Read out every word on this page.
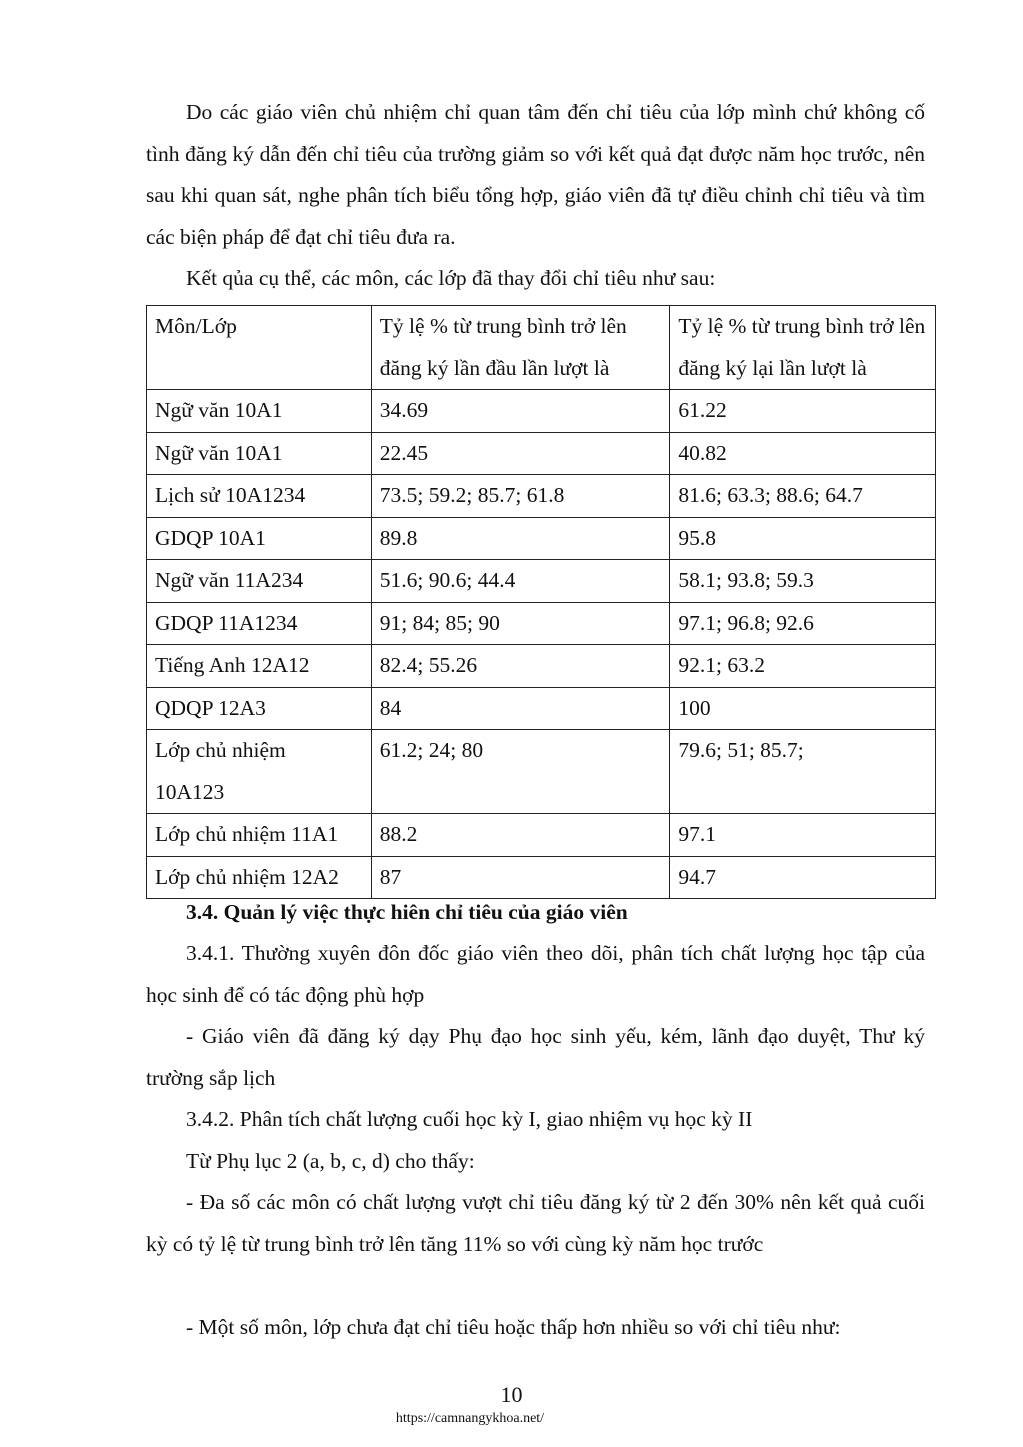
Do các giáo viên chủ nhiệm chỉ quan tâm đến chỉ tiêu của lớp mình chứ không cố tình đăng ký dẫn đến chỉ tiêu của trường giảm so với kết quả đạt được năm học trước, nên sau khi quan sát, nghe phân tích biểu tổng hợp, giáo viên đã tự điều chỉnh chỉ tiêu và tìm các biện pháp để đạt chỉ tiêu đưa ra.

Kết qủa cụ thể, các môn, các lớp đã thay đổi chỉ tiêu như sau:

Môn/Lớp	Tỷ lệ % từ trung bình trở lên đăng ký lần đầu lần lượt là	Tỷ lệ % từ trung bình trở lên đăng ký lại lần lượt là
Ngữ văn 10A1	34.69	61.22
Ngữ văn 10A1	22.45	40.82
Lịch sử 10A1234	73.5; 59.2; 85.7; 61.8	81.6; 63.3; 88.6; 64.7
GDQP 10A1	89.8	95.8
Ngữ văn 11A234	51.6; 90.6; 44.4	58.1; 93.8; 59.3
GDQP 11A1234	91; 84; 85; 90	97.1; 96.8; 92.6
Tiếng Anh 12A12	82.4; 55.26	92.1; 63.2
QDQP 12A3	84	100
Lớp chủ nhiệm 10A123	61.2; 24; 80	79.6; 51; 85.7;
Lớp chủ nhiệm 11A1	88.2	97.1
Lớp chủ nhiệm 12A2	87	94.7

3.4. Quản lý việc thực hiên chỉ tiêu của giáo viên

3.4.1. Thường xuyên đôn đốc giáo viên theo dõi, phân tích chất lượng học tập của học sinh để có tác động phù hợp

- Giáo viên đã đăng ký dạy Phụ đạo học sinh yếu, kém, lãnh đạo duyệt, Thư ký trường sắp lịch

3.4.2. Phân tích chất lượng cuối học kỳ I, giao nhiệm vụ học kỳ II

Từ Phụ lục 2 (a, b, c, d) cho thấy:

- Đa số các môn có chất lượng vượt chỉ tiêu đăng ký từ 2 đến 30% nên kết quả cuối kỳ có tỷ lệ từ trung bình trở lên tăng 11% so với cùng kỳ năm học trước

- Một số môn, lớp chưa đạt chỉ tiêu hoặc thấp hơn nhiều so với chỉ tiêu như:

10
https://camnangykhoa.net/
